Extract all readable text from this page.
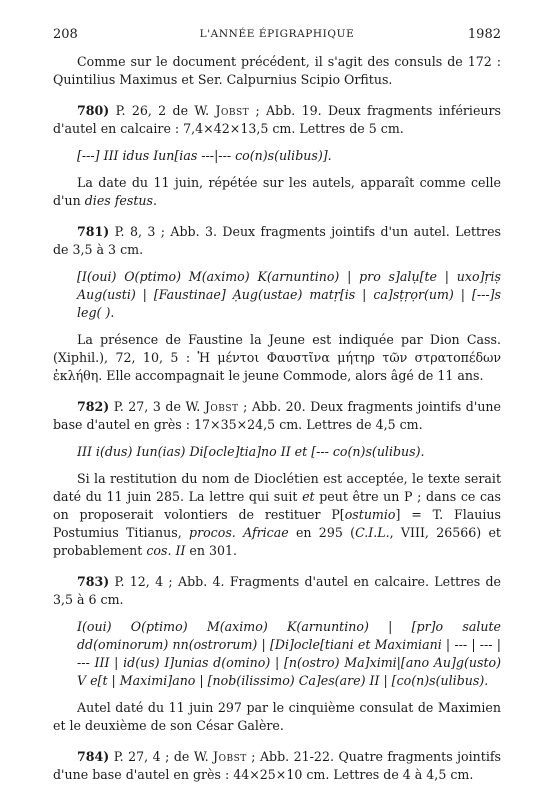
208	L'ANNÉE ÉPIGRAPHIQUE	1982

Comme sur le document précédent, il s'agit des consuls de 172 : Quintilius Maximus et Ser. Calpurnius Scipio Orfitus.

780) P. 26, 2 de W. Jobst ; Abb. 19. Deux fragments inférieurs d'autel en calcaire : 7,4×42×13,5 cm. Lettres de 5 cm.

[---] III idus Iun[ias ---|--- co(n)s(ulibus)].

La date du 11 juin, répétée sur les autels, apparaît comme celle d'un dies festus.

781) P. 8, 3 ; Abb. 3. Deux fragments jointifs d'un autel. Lettres de 3,5 à 3 cm.

[I(oui) O(ptimo) M(aximo) K(arnuntino) | pro s]alụ[te | uxo]ṛiṣ Aug(usti) | [Faustinae] Ạug(ustae) matṛ[is | ca]sṭṛọr(um) | [---]s leg( ).

La présence de Faustine la Jeune est indiquée par Dion Cass. (Xiphil.), 72, 10, 5 : Ἡ μέντοι Φαυστῖνα μήτηρ τῶν στρατοπέδων ἐκλήθη. Elle accompagnait le jeune Commode, alors âgé de 11 ans.

782) P. 27, 3 de W. Jobst ; Abb. 20. Deux fragments jointifs d'une base d'autel en grès : 17×35×24,5 cm. Lettres de 4,5 cm.

III i(dus) Iun(ias) Di[ocle]tia]no II et [--- co(n)s(ulibus).

Si la restitution du nom de Dioclétien est acceptée, le texte serait daté du 11 juin 285. La lettre qui suit et peut être un P ; dans ce cas on proposerait volontiers de restituer P[ostumio] = T. Flauius Postumius Titianus, procos. Africae en 295 (C.I.L., VIII, 26566) et probablement cos. II en 301.

783) P. 12, 4 ; Abb. 4. Fragments d'autel en calcaire. Lettres de 3,5 à 6 cm.

I(oui) O(ptimo) M(aximo) K(arnuntino) | [pr]o salute dd(ominorum) nn(ostrorum) | [Di]ocle[tiani et Maximiani | --- | --- | --- III | id(us) I]unias d(omino) | [n(ostro) Ma]ximi|[ano Au]g(usto) V e[t | Maximi]ano | [nob(ilissimo) Ca]es(are) II | [co(n)s(ulibus).

Autel daté du 11 juin 297 par le cinquième consulat de Maximien et le deuxième de son César Galère.

784) P. 27, 4 ; de W. Jobst ; Abb. 21-22. Quatre fragments jointifs d'une base d'autel en grès : 44×25×10 cm. Lettres de 4 à 4,5 cm.
